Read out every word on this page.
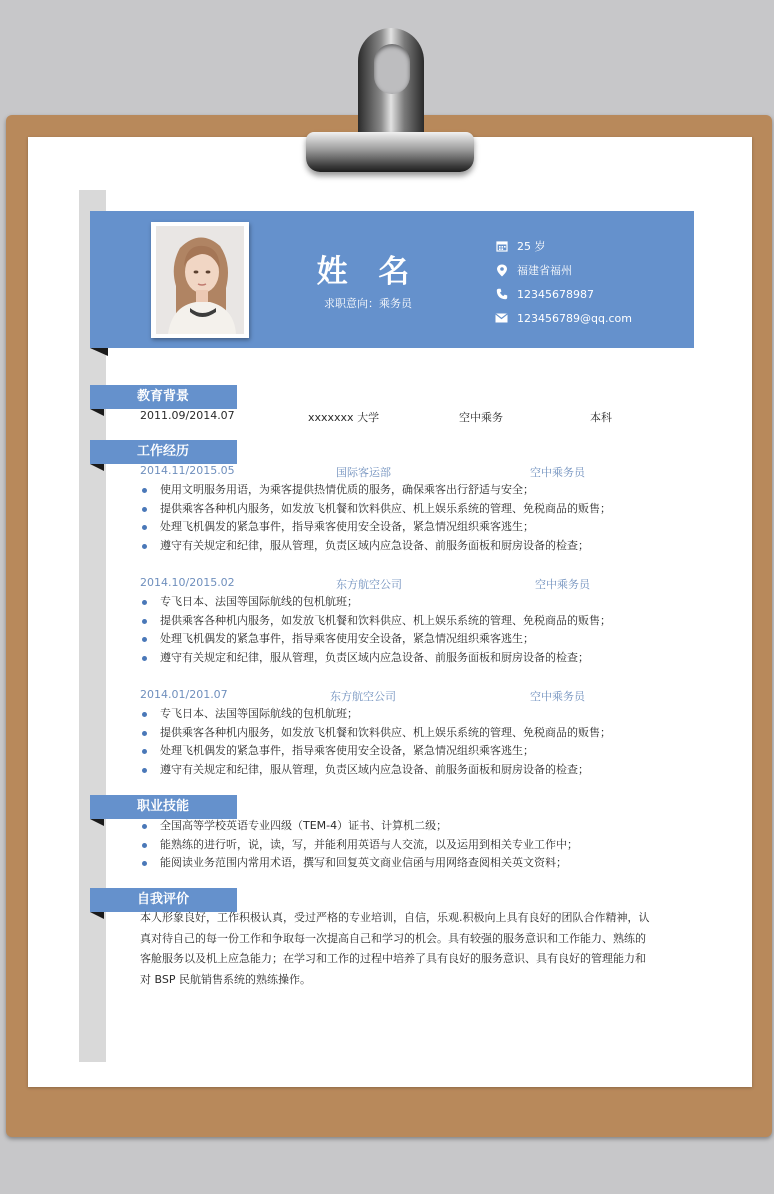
姓 名
求职意向：乘务员
25 岁
福建省福州
12345678987
123456789@qq.com
教育背景
2011.09/2014.07	xxxxxxx 大学	空中乘务	本科
工作经历
2014.11/2015.05	国际客运部	空中乘务员
使用文明服务用语，为乘客提供热情优质的服务，确保乘客出行舒适与安全；
提供乘客各种机内服务，如发放飞机餐和饮料供应、机上娱乐系统的管理、免税商品的贩售；
处理飞机偶发的紧急事件，指导乘客使用安全设备，紧急情况组织乘客逃生；
遵守有关规定和纪律，服从管理，负责区域内应急设备、前服务面板和厨房设备的检查；
2014.10/2015.02	东方航空公司	空中乘务员
专飞日本、法国等国际航线的包机航班；
提供乘客各种机内服务，如发放飞机餐和饮料供应、机上娱乐系统的管理、免税商品的贩售；
处理飞机偶发的紧急事件，指导乘客使用安全设备，紧急情况组织乘客逃生；
遵守有关规定和纪律，服从管理，负责区域内应急设备、前服务面板和厨房设备的检查；
2014.01/201.07	东方航空公司	空中乘务员
专飞日本、法国等国际航线的包机航班；
提供乘客各种机内服务，如发放飞机餐和饮料供应、机上娱乐系统的管理、免税商品的贩售；
处理飞机偶发的紧急事件，指导乘客使用安全设备，紧急情况组织乘客逃生；
遵守有关规定和纪律，服从管理，负责区域内应急设备、前服务面板和厨房设备的检查；
职业技能
全国高等学校英语专业四级（TEM-4）证书、计算机二级；
能熟练的进行听，说，读，写，并能利用英语与人交流，以及运用到相关专业工作中；
能阅读业务范围内常用术语，撰写和回复英文商业信函与用网络查阅相关英文资料；
自我评价
本人形象良好，工作积极认真，受过严格的专业培训，自信，乐观.积极向上具有良好的团队合作精神，认
真对待自己的每一份工作和争取每一次提高自己和学习的机会。具有较强的服务意识和工作能力、熟练的
客舱服务以及机上应急能力；在学习和工作的过程中培养了具有良好的服务意识、具有良好的管理能力和
对 BSP 民航销售系统的熟练操作。
